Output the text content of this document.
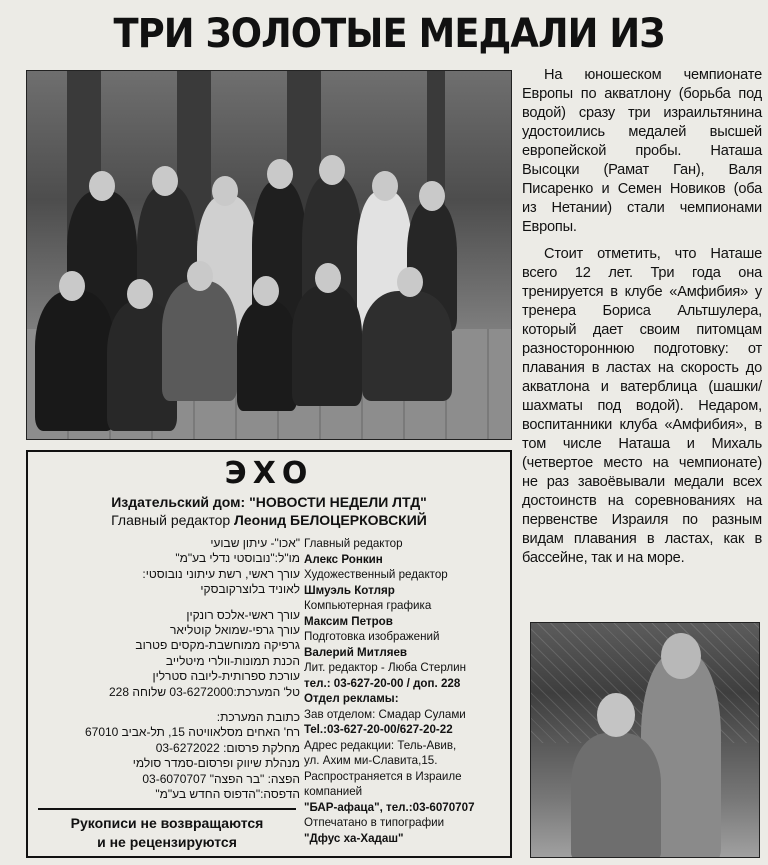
ТРИ ЗОЛОТЫЕ МЕДАЛИ ИЗ

На юношеском чемпионате Европы по акватлону (борьба под водой) сразу три израильтянина удостоились медалей высшей европейской пробы. Наташа Высоцки (Рамат Ган), Валя Писаренко и Семен Новиков (оба из Нетании) стали чемпионами Европы.

Стоит отметить, что Наташе всего 12 лет. Три года она тренируется в клубе «Амфибия» у тренера Бориса Альтшулера, который дает своим питомцам разностороннюю подготовку: от плавания в ластах на скорость до акватлона и ватерблица (шашки/шахматы под водой). Недаром, воспитанники клуба «Амфибия», в том числе Наташа и Михаль (четвертое место на чемпионате) не раз завоёвывали медали всех достоинств на соревнованиях на первенстве Израиля по разным видам плавания в ластах, как в бассейне, так и на море.

ЭХО
Издательский дом: "НОВОСТИ НЕДЕЛИ ЛТД"
Главный редактор Леонид БЕЛОЦЕРКОВСКИЙ
"אכו"- עיתון שבועי
מו"ל:"נובוסטי נדלי בע"מ"
עורך ראשי, רשת עיתוני נובוסטי:
לאוניד בלוצרקובסקי
עורך ראשי-אלכס רונקין
עורך גרפי-שמואל קוטליאר
גרפיקה ממוחשבת-מקסים פטרוב
הכנת תמונות-וולרי מיטלייב
עורכת ספרותית-ליובה סטרלין
טל' המערכת:03-6272000 שלוחה 228
כתובת המערכת:
רח' האחים מסלאוויטה 15, תל-אביב 67010
מחלקת פרסום: 03-6272022
מנהלת שיווק ופרסום-סמדר סולמי
הפצה: "בר הפצה" 03-6070707
הדפסה:"הדפוס החדש בע"מ"
Главный редактор
Алекс Ронкин
Художественный редактор
Шмуэль Котляр
Компьютерная графика
Максим Петров
Подготовка изображений
Валерий Митляев
Лит. редактор - Люба Стерлин
тел.: 03-627-20-00 / доп. 228
Отдел рекламы:
Зав отделом: Смадар Сулами
Tel.:03-627-20-00/627-20-22
Адрес редакции: Тель-Авив,
ул. Ахим ми-Славита,15.
Распространяется в Израиле компанией
"БАР-афаца", тел.:03-6070707
Отпечатано в типографии
"Дфус ха-Хадаш"
Рукописи не возвращаются
и не рецензируются
